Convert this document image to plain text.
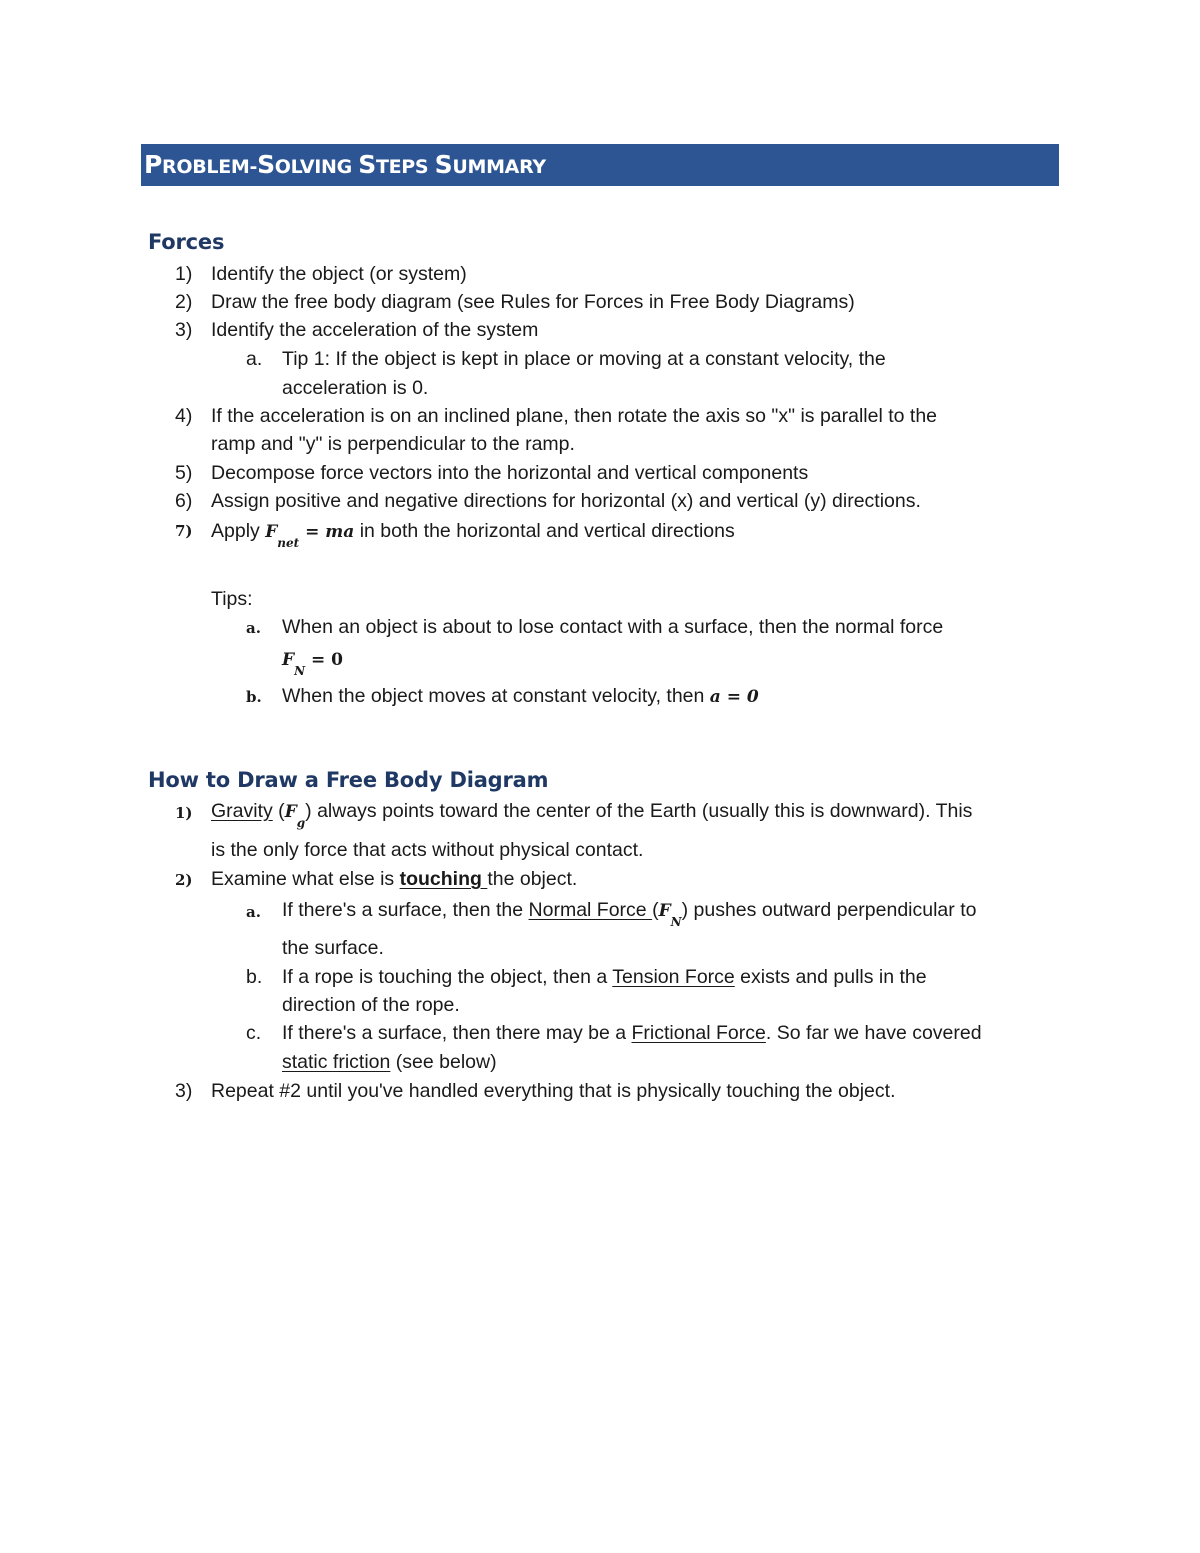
PROBLEM-SOLVING STEPS SUMMARY
Forces
1) Identify the object (or system)
2) Draw the free body diagram (see Rules for Forces in Free Body Diagrams)
3) Identify the acceleration of the system
a. Tip 1: If the object is kept in place or moving at a constant velocity, the
acceleration is 0.
4) If the acceleration is on an inclined plane, then rotate the axis so "x" is parallel to the
ramp and "y" is perpendicular to the ramp.
5) Decompose force vectors into the horizontal and vertical components
6) Assign positive and negative directions for horizontal (x) and vertical (y) directions.
7) Apply $F_{net}$ = ma in both the horizontal and vertical directions
Tips:
a. When an object is about to lose contact with a surface, then the normal force
$F_N = 0$
b. When the object moves at constant velocity, then a = 0
How to Draw a Free Body Diagram
1) Gravity $(F_g)$ always points toward the center of the Earth (usually this is downward). This
is the only force that acts without physical contact.
2) Examine what else is touching the object.
a. If there's a surface, then the Normal Force $(F_N)$ pushes outward perpendicular to
the surface.
b. If a rope is touching the object, then a Tension Force exists and pulls in the
direction of the rope.
c. If there's a surface, then there may be a Frictional Force. So far we have covered
static friction (see below)
3) Repeat #2 until you've handled everything that is physically touching the object.
